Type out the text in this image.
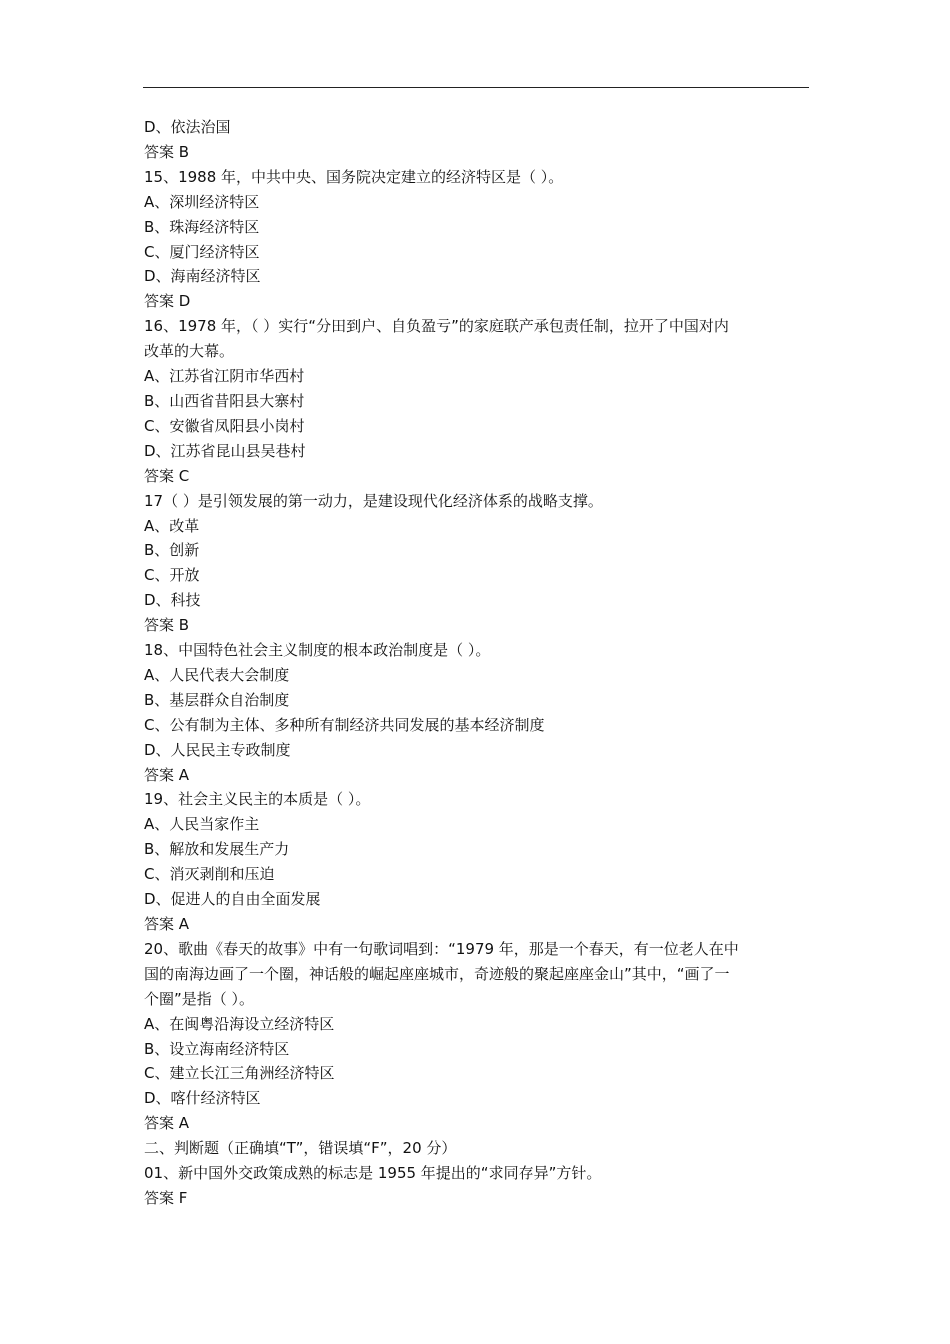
D、依法治国
答案 B
15、1988 年，中共中央、国务院决定建立的经济特区是（ ）。
A、深圳经济特区
B、珠海经济特区
C、厦门经济特区
D、海南经济特区
答案 D
16、1978 年，（ ）实行“分田到户、自负盈亏”的家庭联产承包责任制，拉开了中国对内
改革的大幕。
A、江苏省江阴市华西村
B、山西省昔阳县大寨村
C、安徽省凤阳县小岗村
D、江苏省昆山县吴巷村
答案 C
17（ ）是引领发展的第一动力，是建设现代化经济体系的战略支撑。
A、改革
B、创新
C、开放
D、科技
答案 B
18、中国特色社会主义制度的根本政治制度是（ ）。
A、人民代表大会制度
B、基层群众自治制度
C、公有制为主体、多种所有制经济共同发展的基本经济制度
D、人民民主专政制度
答案 A
19、社会主义民主的本质是（ ）。
A、人民当家作主
B、解放和发展生产力
C、消灭剥削和压迫
D、促进人的自由全面发展
答案 A
20、歌曲《春天的故事》中有一句歌词唱到：“1979 年，那是一个春天，有一位老人在中
国的南海边画了一个圈，神话般的崛起座座城市，奇迹般的聚起座座金山”其中，“画了一
个圈”是指（ ）。
A、在闽粤沿海设立经济特区
B、设立海南经济特区
C、建立长江三角洲经济特区
D、喀什经济特区
答案 A
二、判断题（正确填“T”，错误填“F”，20 分）
01、新中国外交政策成熟的标志是 1955 年提出的“求同存异”方针。
答案 F
